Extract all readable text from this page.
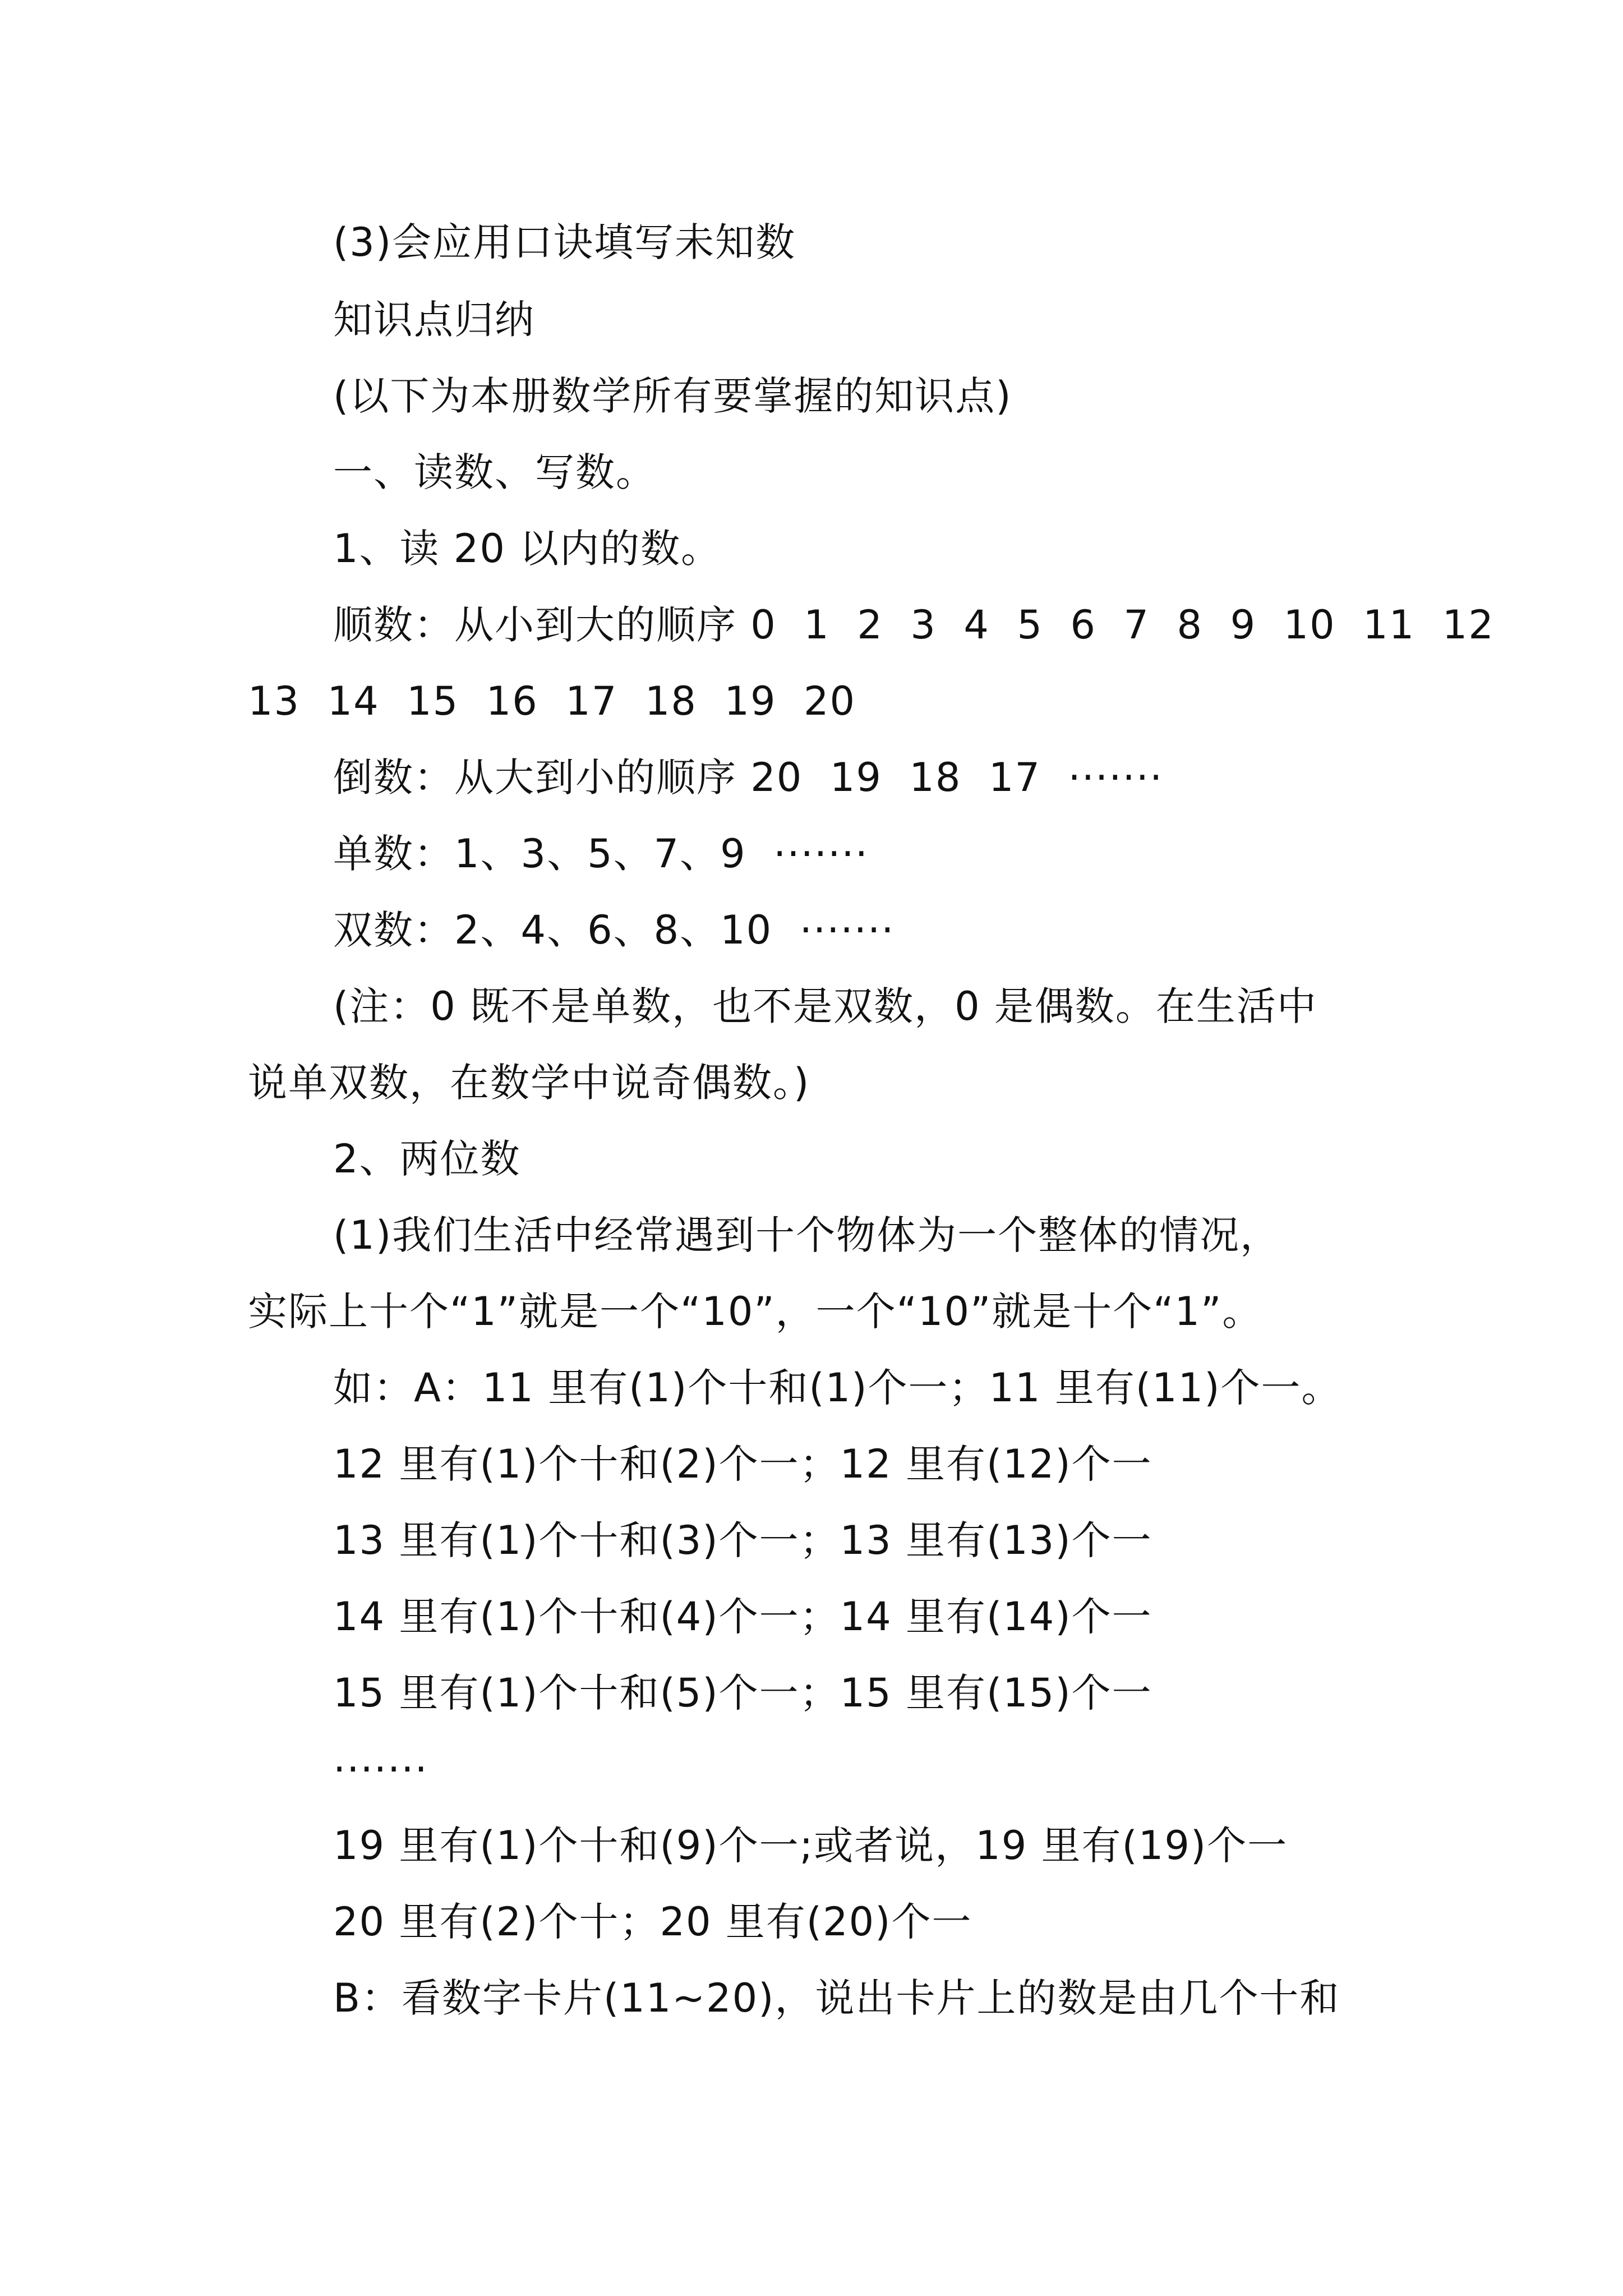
(3)会应用口诀填写未知数

知识点归纳

(以下为本册数学所有要掌握的知识点)

一、读数、写数。

1、读 20 以内的数。

顺数：从小到大的顺序 0  1  2  3  4  5  6  7  8  9  10  11  12

13  14  15  16  17  18  19  20

倒数：从大到小的顺序 20  19  18  17  ·······

单数：1、3、5、7、9  ·······

双数：2、4、6、8、10  ·······

(注：0 既不是单数，也不是双数，0 是偶数。在生活中

说单双数，在数学中说奇偶数。)

2、两位数

(1)我们生活中经常遇到十个物体为一个整体的情况，

实际上十个“1”就是一个“10”，一个“10”就是十个“1”。

如：A：11 里有(1)个十和(1)个一；11 里有(11)个一。

12 里有(1)个十和(2)个一；12 里有(12)个一

13 里有(1)个十和(3)个一；13 里有(13)个一

14 里有(1)个十和(4)个一；14 里有(14)个一

15 里有(1)个十和(5)个一；15 里有(15)个一

·······

19 里有(1)个十和(9)个一;或者说，19 里有(19)个一

20 里有(2)个十；20 里有(20)个一

B：看数字卡片(11~20)，说出卡片上的数是由几个十和
